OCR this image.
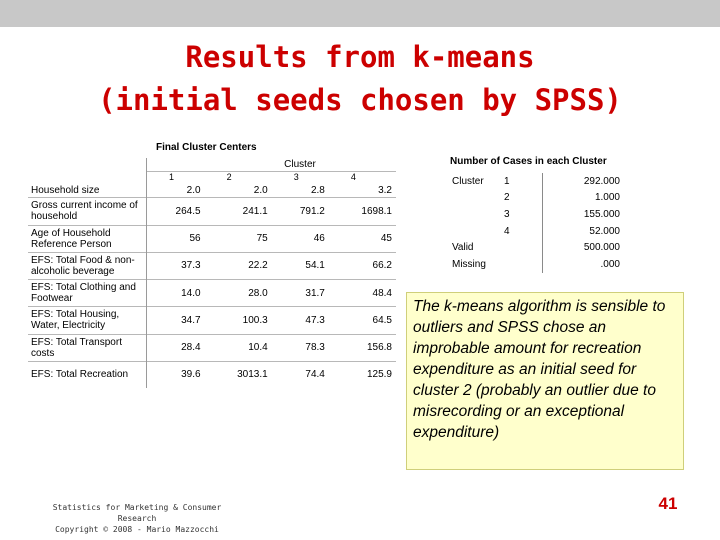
Results from k-means
(initial seeds chosen by SPSS)
Final Cluster Centers
	Cluster			
	1	2	3	4
Household size	2.0	2.0	2.8	3.2
Gross current income of household	264.5	241.1	791.2	1698.1
Age of Household Reference Person	56	75	46	45
EFS: Total Food & non-alcoholic beverage	37.3	22.2	54.1	66.2
EFS: Total Clothing and Footwear	14.0	28.0	31.7	48.4
EFS: Total Housing, Water, Electricity	34.7	100.3	47.3	64.5
EFS: Total Transport costs	28.4	10.4	78.3	156.8
EFS: Total Recreation	39.6	3013.1	74.4	125.9
Number of Cases in each Cluster
Cluster	1	292.000
	2	1.000
	3	155.000
	4	52.000
Valid		500.000
Missing		.000
The k-means algorithm is sensible to outliers and SPSS chose an improbable amount for recreation expenditure as an initial seed for cluster 2 (probably an outlier due to misrecording or an exceptional expenditure)
Statistics for Marketing & Consumer Research
Copyright © 2008 - Mario Mazzocchi
41
